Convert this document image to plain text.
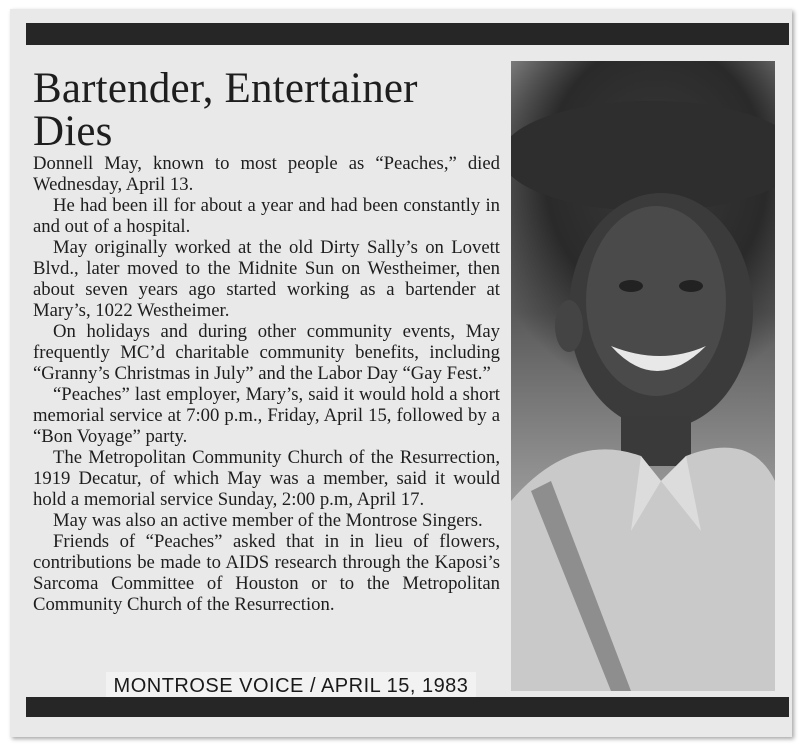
Bartender, Entertainer Dies

Donnell May, known to most people as “Peaches,” died Wednesday, April 13.

He had been ill for about a year and had been constantly in and out of a hospital.

May originally worked at the old Dirty Sally’s on Lovett Blvd., later moved to the Midnite Sun on Westheimer, then about seven years ago started working as a bartender at Mary’s, 1022 Westheimer.

On holidays and during other community events, May frequently MC’d charitable community benefits, including “Granny’s Christmas in July” and the Labor Day “Gay Fest.”

“Peaches” last employer, Mary’s, said it would hold a short memorial service at 7:00 p.m., Friday, April 15, followed by a “Bon Voyage” party.

The Metropolitan Community Church of the Resurrection, 1919 Decatur, of which May was a member, said it would hold a memorial service Sunday, 2:00 p.m, April 17.

May was also an active member of the Montrose Singers.

Friends of “Peaches” asked that in in lieu of flowers, contributions be made to AIDS research through the Kaposi’s Sarcoma Committee of Houston or to the Metropolitan Community Church of the Resurrection.

MONTROSE VOICE / APRIL 15, 1983
